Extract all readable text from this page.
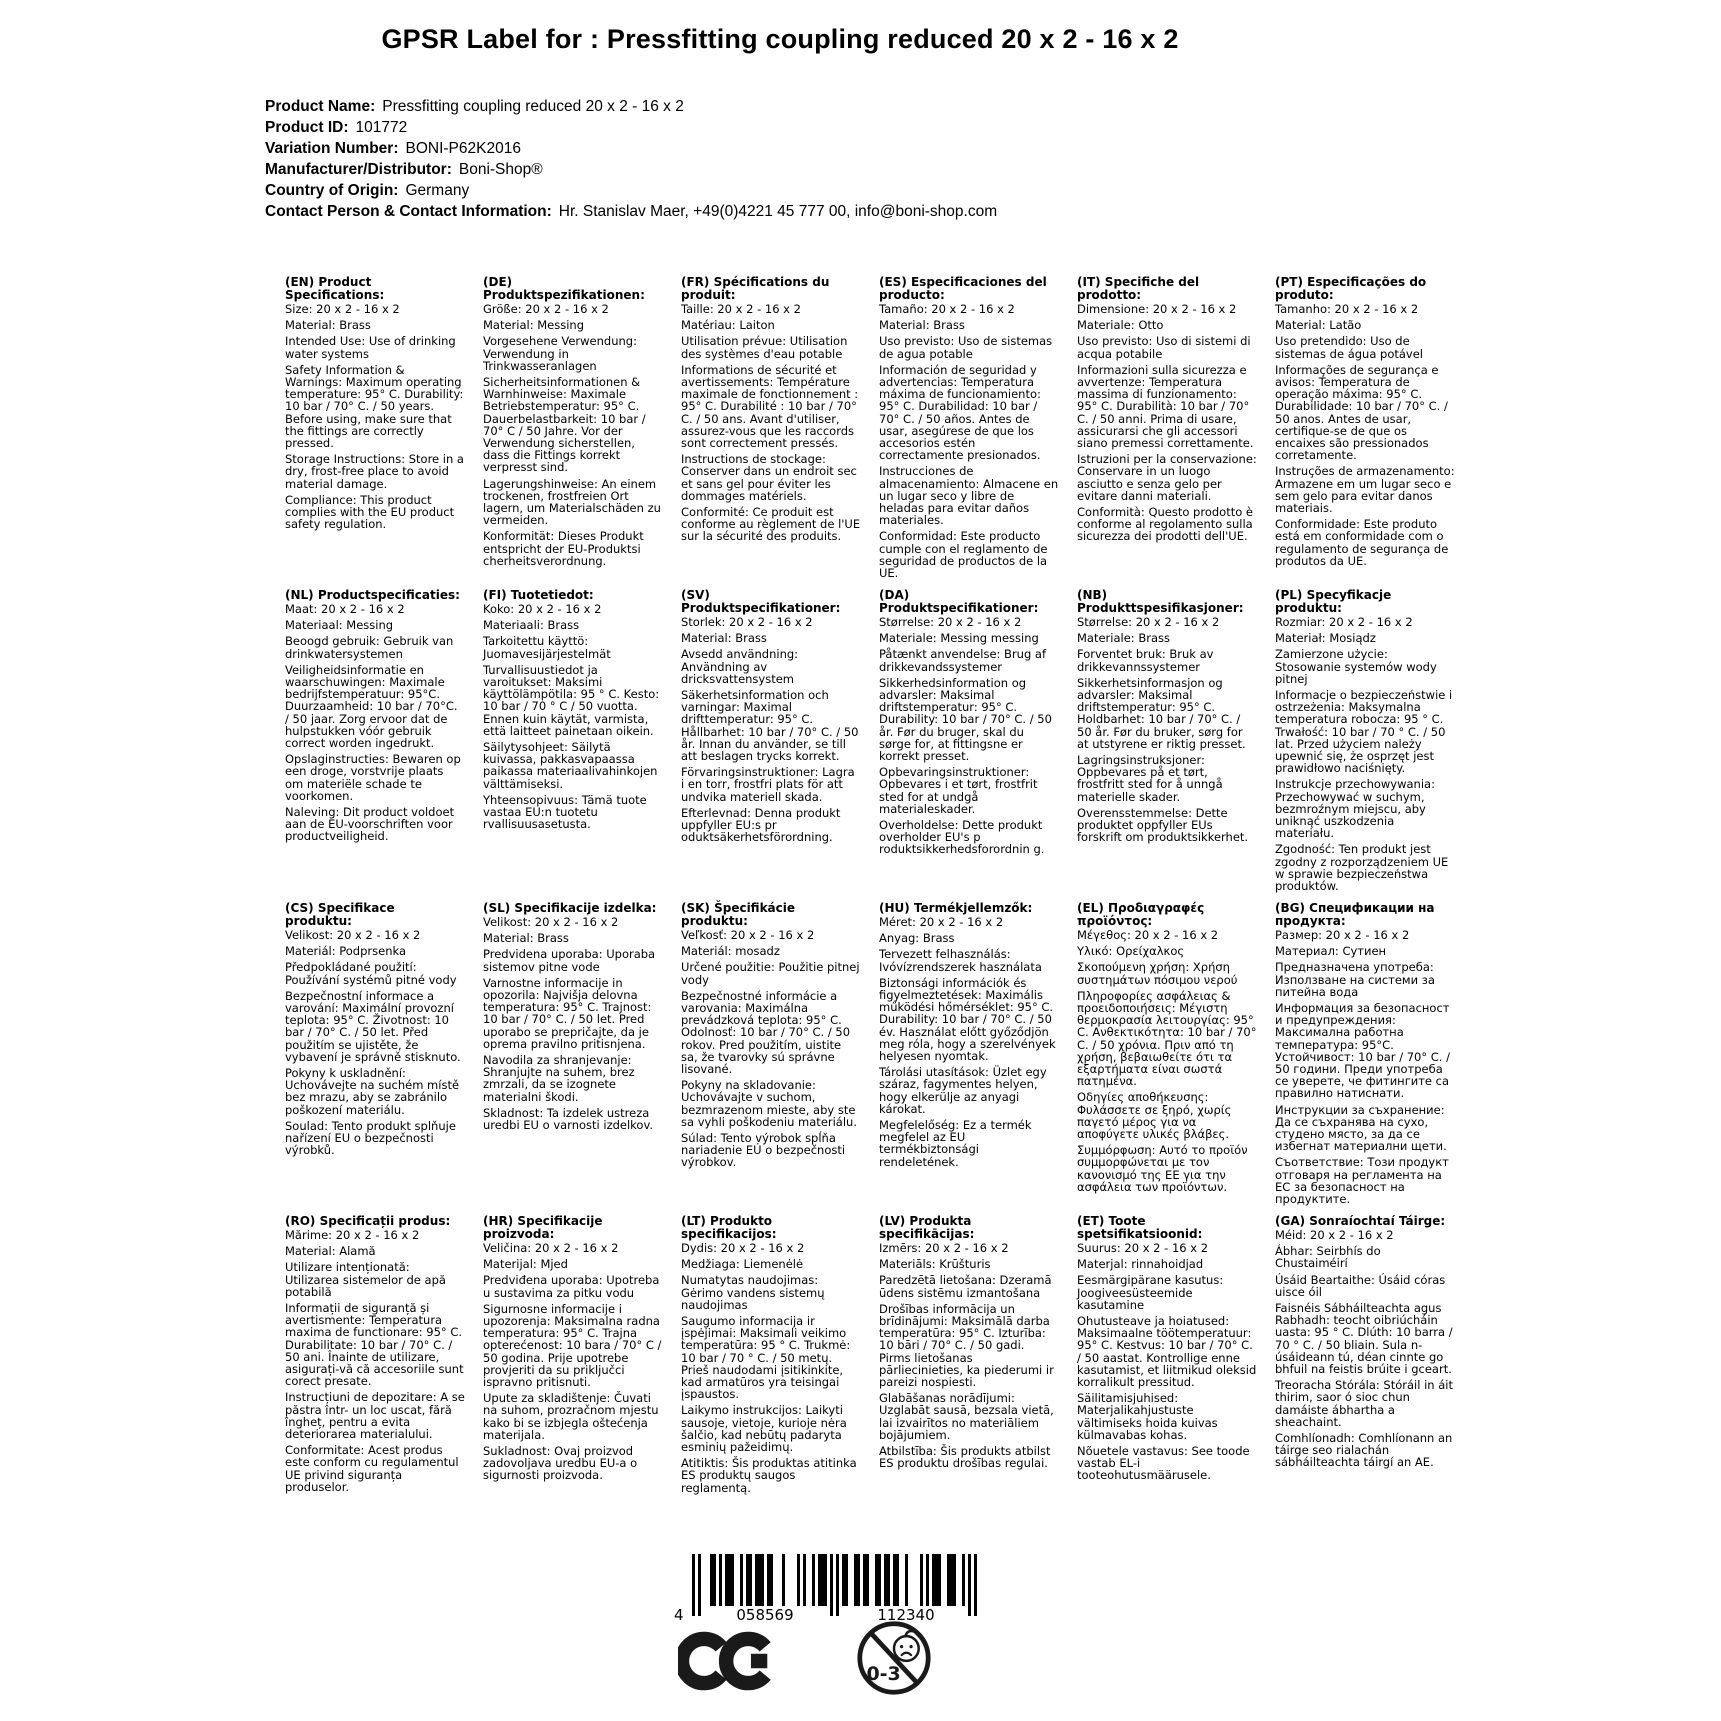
GPSR Label for : Pressfitting coupling reduced 20 x 2 - 16 x 2
Product Name: Pressfitting coupling reduced 20 x 2 - 16 x 2
Product ID: 101772
Variation Number: BONI-P62K2016
Manufacturer/Distributor: Boni-Shop®
Country of Origin: Germany
Contact Person & Contact Information: Hr. Stanislav Maer, +49(0)4221 45 777 00, info@boni-shop.com
(EN) Product Specifications:

Size: 20 x 2 - 16 x 2

Material: Brass

Intended Use: Use of drinking water systems

Safety Information & Warnings: Maximum operating temperature: 95° C. Durability: 10 bar / 70° C. / 50 years. Before using, make sure that the fittings are correctly pressed.

Storage Instructions: Store in a dry, frost-free place to avoid material damage.

Compliance: This product complies with the EU product safety regulation.

(DE) Produktspezifikationen:

Größe: 20 x 2 - 16 x 2

Material: Messing

Vorgesehene Verwendung: Verwendung in Trinkwasseranlagen

Sicherheitsinformationen & Warnhinweise: Maximale Betriebstemperatur: 95° C. Dauerbelastbarkeit: 10 bar / 70° C / 50 Jahre. Vor der Verwendung sicherstellen, dass die Fittings korrekt verpresst sind.

Lagerungshinweise: An einem trockenen, frostfreien Ort lagern, um Materialschäden zu vermeiden.

Konformität: Dieses Produkt entspricht der EU-Produktsi cherheitsverordnung.

(FR) Spécifications du produit:

Taille: 20 x 2 - 16 x 2

Matériau: Laiton

Utilisation prévue: Utilisation des systèmes d'eau potable

Informations de sécurité et avertissements: Température maximale de fonctionnement : 95° C. Durabilité : 10 bar / 70° C. / 50 ans. Avant d'utiliser, assurez-vous que les raccords sont correctement pressés.

Instructions de stockage: Conserver dans un endroit sec et sans gel pour éviter les dommages matériels.

Conformité: Ce produit est conforme au règlement de l'UE sur la sécurité des produits.

(ES) Especificaciones del producto:

Tamaño: 20 x 2 - 16 x 2

Material: Brass

Uso previsto: Uso de sistemas de agua potable

Información de seguridad y advertencias: Temperatura máxima de funcionamiento: 95° C. Durabilidad: 10 bar / 70° C. / 50 años. Antes de usar, asegúrese de que los accesorios estén correctamente presionados.

Instrucciones de almacenamiento: Almacene en un lugar seco y libre de heladas para evitar daños materiales.

Conformidad: Este producto cumple con el reglamento de seguridad de productos de la UE.

(IT) Specifiche del prodotto:

Dimensione: 20 x 2 - 16 x 2

Materiale: Otto

Uso previsto: Uso di sistemi di acqua potabile

Informazioni sulla sicurezza e avvertenze: Temperatura massima di funzionamento: 95° C. Durabilità: 10 bar / 70° C. / 50 anni. Prima di usare, assicurarsi che gli accessori siano premessi correttamente.

Istruzioni per la conservazione: Conservare in un luogo asciutto e senza gelo per evitare danni materiali.

Conformità: Questo prodotto è conforme al regolamento sulla sicurezza dei prodotti dell'UE.

(PT) Especificações do produto:

Tamanho: 20 x 2 - 16 x 2

Material: Latão

Uso pretendido: Uso de sistemas de água potável

Informações de segurança e avisos: Temperatura de operação máxima: 95° C. Durabilidade: 10 bar / 70° C. / 50 anos. Antes de usar, certifique-se de que os encaixes são pressionados corretamente.

Instruções de armazenamento: Armazene em um lugar seco e sem gelo para evitar danos materiais.

Conformidade: Este produto está em conformidade com o regulamento de segurança de produtos da UE.

(NL) Productspecificaties:

Maat: 20 x 2 - 16 x 2

Materiaal: Messing

Beoogd gebruik: Gebruik van drinkwatersystemen

Veiligheidsinformatie en waarschuwingen: Maximale bedrijfstemperatuur: 95°C. Duurzaamheid: 10 bar / 70°C. / 50 jaar. Zorg ervoor dat de hulpstukken vóór gebruik correct worden ingedrukt.

Opslaginstructies: Bewaren op een droge, vorstvrije plaats om materiële schade te voorkomen.

Naleving: Dit product voldoet aan de EU-voorschriften voor productveiligheid.

(FI) Tuotetiedot:

Koko: 20 x 2 - 16 x 2

Materiaali: Brass

Tarkoitettu käyttö: Juomavesijärjestelmät

Turvallisuustiedot ja varoitukset: Maksimi käyttölämpötila: 95 ° C. Kesto: 10 bar / 70 ° C / 50 vuotta. Ennen kuin käytät, varmista, että laitteet painetaan oikein.

Säilytysohjeet: Säilytä kuivassa, pakkasvapaassa paikassa materiaalivahinkojen välttämiseksi.

Yhteensopivuus: Tämä tuote vastaa EU:n tuotetu rvallisuusasetusta.

(SV) Produktspecifikationer:

Storlek: 20 x 2 - 16 x 2

Material: Brass

Avsedd användning: Användning av dricksvattensystem

Säkerhetsinformation och varningar: Maximal drifttemperatur: 95° C. Hållbarhet: 10 bar / 70° C. / 50 år. Innan du använder, se till att beslagen trycks korrekt.

Förvaringsinstruktioner: Lagra i en torr, frostfri plats för att undvika materiell skada.

Efterlevnad: Denna produkt uppfyller EU:s pr oduktsäkerhetsförordning.

(DA) Produktspecifikationer:

Størrelse: 20 x 2 - 16 x 2

Materiale: Messing messing

Påtænkt anvendelse: Brug af drikkevandssystemer

Sikkerhedsinformation og advarsler: Maksimal driftstemperatur: 95° C. Durability: 10 bar / 70° C. / 50 år. Før du bruger, skal du sørge for, at fittingsne er korrekt presset.

Opbevaringsinstruktioner: Opbevares i et tørt, frostfrit sted for at undgå materialeskader.

Overholdelse: Dette produkt overholder EU's p roduktsikkerhedsforordnin g.

(NB) Produkttspesifikasjoner:

Størrelse: 20 x 2 - 16 x 2

Materiale: Brass

Forventet bruk: Bruk av drikkevannssystemer

Sikkerhetsinformasjon og advarsler: Maksimal driftstemperatur: 95° C. Holdbarhet: 10 bar / 70° C. / 50 år. Før du bruker, sørg for at utstyrene er riktig presset.

Lagringsinstruksjoner: Oppbevares på et tørt, frostfritt sted for å unngå materielle skader.

Overensstemmelse: Dette produktet oppfyller EUs forskrift om produktsikkerhet.

(PL) Specyfikacje produktu:

Rozmiar: 20 x 2 - 16 x 2

Materiał: Mosiądz

Zamierzone użycie: Stosowanie systemów wody pitnej

Informacje o bezpieczeństwie i ostrzeżenia: Maksymalna temperatura robocza: 95 ° C. Trwałość: 10 bar / 70 ° C. / 50 lat. Przed użyciem należy upewnić się, że osprzęt jest prawidłowo naciśnięty.

Instrukcje przechowywania: Przechowywać w suchym, bezmroźnym miejscu, aby uniknąć uszkodzenia materiału.

Zgodność: Ten produkt jest zgodny z rozporządzeniem UE w sprawie bezpieczeństwa produktów.

(CS) Specifikace produktu:

Velikost: 20 x 2 - 16 x 2

Materiál: Podprsenka

Předpokládané použití: Používání systémů pitné vody

Bezpečnostní informace a varování: Maximální provozní teplota: 95° C. Životnost: 10 bar / 70° C. / 50 let. Před použitím se ujistěte, že vybavení je správně stisknuto.

Pokyny k uskladnění: Uchovávejte na suchém místě bez mrazu, aby se zabránilo poškození materiálu.

Soulad: Tento produkt splňuje nařízení EU o bezpečnosti výrobků.

(SL) Specifikacije izdelka:

Velikost: 20 x 2 - 16 x 2

Material: Brass

Predvidena uporaba: Uporaba sistemov pitne vode

Varnostne informacije in opozorila: Najvišja delovna temperatura: 95° C. Trajnost: 10 bar / 70° C. / 50 let. Pred uporabo se prepričajte, da je oprema pravilno pritisnjena.

Navodila za shranjevanje: Shranjujte na suhem, brez zmrzali, da se izognete materialni škodi.

Skladnost: Ta izdelek ustreza uredbi EU o varnosti izdelkov.

(SK) Špecifikácie produktu:

Veľkosť: 20 x 2 - 16 x 2

Materiál: mosadz

Určené použitie: Použitie pitnej vody

Bezpečnostné informácie a varovania: Maximálna prevádzková teplota: 95° C. Odolnosť: 10 bar / 70° C. / 50 rokov. Pred použitím, uistite sa, že tvarovky sú správne lisované.

Pokyny na skladovanie: Uchovávajte v suchom, bezmrazenom mieste, aby ste sa vyhli poškodeniu materiálu.

Súlad: Tento výrobok spĺňa nariadenie EÚ o bezpečnosti výrobkov.

(HU) Termékjellemzők:

Méret: 20 x 2 - 16 x 2

Anyag: Brass

Tervezett felhasználás: Ivóvízrendszerek használata

Biztonsági információk és figyelmeztetések: Maximális működési hőmérséklet: 95° C. Durability: 10 bar / 70° C. / 50 év. Használat előtt győződjön meg róla, hogy a szerelvények helyesen nyomtak.

Tárolási utasítások: Üzlet egy száraz, fagymentes helyen, hogy elkerülje az anyagi károkat.

Megfelelőség: Ez a termék megfelel az EU termékbiztonsági rendeletének.

(EL) Προδιαγραφές προϊόντος:

Μέγεθος: 20 x 2 - 16 x 2

Υλικό: Ορείχαλκος

Σκοπούμενη χρήση: Χρήση συστημάτων πόσιμου νερού

Πληροφορίες ασφάλειας & προειδοποιήσεις: Μέγιστη θερμοκρασία λειτουργίας: 95° C. Ανθεκτικότητα: 10 bar / 70° C. / 50 χρόνια. Πριν από τη χρήση, βεβαιωθείτε ότι τα εξαρτήματα είναι σωστά πατημένα.

Οδηγίες αποθήκευσης: Φυλάσσετε σε ξηρό, χωρίς παγετό μέρος για να αποφύγετε υλικές βλάβες.

Συμμόρφωση: Αυτό το προϊόν συμμορφώνεται με τον κανονισμό της ΕΕ για την ασφάλεια των προϊόντων.

(BG) Спецификации на продукта:

Размер: 20 x 2 - 16 x 2

Материал: Сутиен

Предназначена употреба: Използване на системи за питейна вода

Информация за безопасност и предупреждения: Максимална работна температура: 95°C. Устойчивост: 10 bar / 70° C. / 50 години. Преди употреба се уверете, че фитингите са правилно натиснати.

Инструкции за съхранение: Да се съхранява на сухо, студено място, за да се избегнат материални щети.

Съответствие: Този продукт отговаря на регламента на ЕС за безопасност на продуктите.

(RO) Specificații produs:

Mărime: 20 x 2 - 16 x 2

Material: Alamă

Utilizare intenționată: Utilizarea sistemelor de apă potabilă

Informații de siguranță și avertismente: Temperatura maxima de functionare: 95° C. Durabilitate: 10 bar / 70° C. / 50 ani. Înainte de utilizare, asigurați-vă că accesoriile sunt corect presate.

Instrucțiuni de depozitare: A se păstra într- un loc uscat, fără îngheț, pentru a evita deteriorarea materialului.

Conformitate: Acest produs este conform cu regulamentul UE privind siguranța produselor.

(HR) Specifikacije proizvoda:

Veličina: 20 x 2 - 16 x 2

Materijal: Mjed

Predviđena uporaba: Upotreba u sustavima za pitku vodu

Sigurnosne informacije i upozorenja: Maksimalna radna temperatura: 95° C. Trajna opterećenost: 10 bara / 70° C / 50 godina. Prije upotrebe provjeriti da su priključci ispravno pritisnuti.

Upute za skladištenje: Čuvati na suhom, prozračnom mjestu kako bi se izbjegla oštećenja materijala.

Sukladnost: Ovaj proizvod zadovoljava uredbu EU-a o sigurnosti proizvoda.

(LT) Produkto specifikacijos:

Dydis: 20 x 2 - 16 x 2

Medžiaga: Liemenėlė

Numatytas naudojimas: Gėrimo vandens sistemų naudojimas

Saugumo informacija ir įspėjimai: Maksimali veikimo temperatūra: 95 ° C. Trukmė: 10 bar / 70 ° C. / 50 metų. Prieš naudodami įsitikinkite, kad armatūros yra teisingai įspaustos.

Laikymo instrukcijos: Laikyti sausoje, vietoje, kurioje nėra šalčio, kad nebūtų padaryta esminių pažeidimų.

Atitiktis: Šis produktas atitinka ES produktų saugos reglamentą.

(LV) Produkta specifikācijas:

Izmērs: 20 x 2 - 16 x 2

Materiāls: Krūšturis

Paredzētā lietošana: Dzeramā ūdens sistēmu izmantošana

Drošības informācija un brīdinājumi: Maksimālā darba temperatūra: 95° C. Izturība: 10 bāri / 70° C. / 50 gadi. Pirms lietošanas pārliecinieties, ka piederumi ir pareizi nospiesti.

Glabāšanas norādījumi: Uzglabāt sausā, bezsala vietā, lai izvairītos no materiāliem bojājumiem.

Atbilstība: Šis produkts atbilst ES produktu drošības regulai.

(ET) Toote spetsifikatsioonid:

Suurus: 20 x 2 - 16 x 2

Materjal: rinnahoidjad

Eesmärgipärane kasutus: Joogiveesüsteemide kasutamine

Ohutusteave ja hoiatused: Maksimaalne töötemperatuur: 95° C. Kestvus: 10 bar / 70° C. / 50 aastat. Kontrollige enne kasutamist, et liitmikud oleksid korralikult pressitud.

Säilitamisjuhised: Materjalikahjustuste vältimiseks hoida kuivas külmavabas kohas.

Nõuetele vastavus: See toode vastab EL-i tooteohutusmäärusele.

(GA) Sonraíochtaí Táirge:

Méid: 20 x 2 - 16 x 2

Ábhar: Seirbhís do Chustaiméirí

Úsáid Beartaithe: Úsáid córas uisce óil

Faisnéis Sábháilteachta agus Rabhadh: teocht oibriúcháin uasta: 95 ° C. Dlúth: 10 barra / 70 ° C. / 50 bliain. Sula n-úsáideann tú, déan cinnte go bhfuil na feistis brúite i gceart.

Treoracha Stórála: Stóráil in áit thirim, saor ó sioc chun damáiste ábhartha a sheachaint.

Comhlíonadh: Comhlíonann an táirge seo rialachán sábháilteachta táirgí an AE.

4	058569	112340
0-3
